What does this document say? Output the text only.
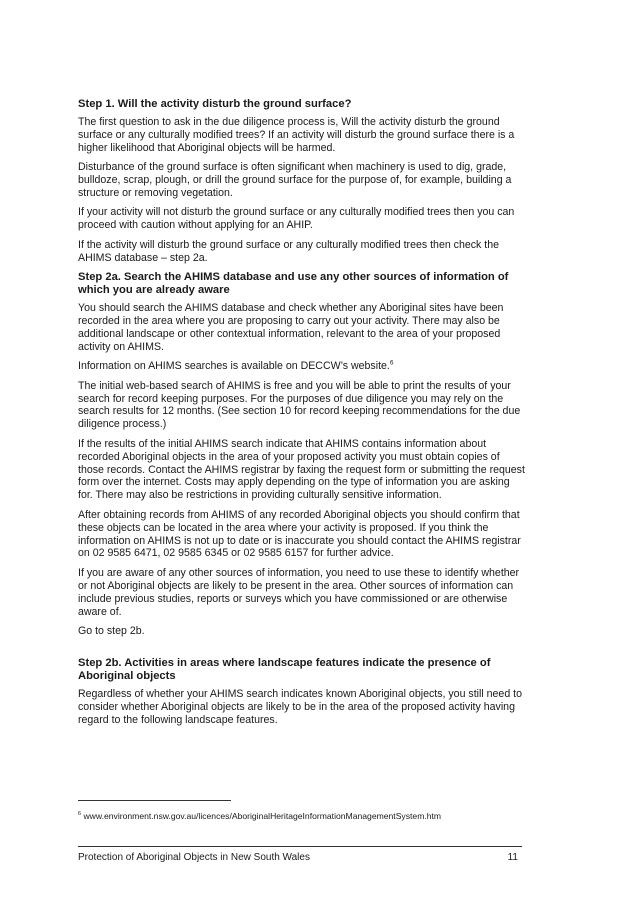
Step 1. Will the activity disturb the ground surface?

The first question to ask in the due diligence process is, Will the activity disturb the ground surface or any culturally modified trees? If an activity will disturb the ground surface there is a higher likelihood that Aboriginal objects will be harmed.

Disturbance of the ground surface is often significant when machinery is used to dig, grade, bulldoze, scrap, plough, or drill the ground surface for the purpose of, for example, building a structure or removing vegetation.

If your activity will not disturb the ground surface or any culturally modified trees then you can proceed with caution without applying for an AHIP.

If the activity will disturb the ground surface or any culturally modified trees then check the AHIMS database – step 2a.

Step 2a. Search the AHIMS database and use any other sources of information of which you are already aware

You should search the AHIMS database and check whether any Aboriginal sites have been recorded in the area where you are proposing to carry out your activity. There may also be additional landscape or other contextual information, relevant to the area of your proposed activity on AHIMS.

Information on AHIMS searches is available on DECCW’s website.$^6$

The initial web-based search of AHIMS is free and you will be able to print the results of your search for record keeping purposes. For the purposes of due diligence you may rely on the search results for 12 months. (See section 10 for record keeping recommendations for the due diligence process.)

If the results of the initial AHIMS search indicate that AHIMS contains information about recorded Aboriginal objects in the area of your proposed activity you must obtain copies of those records. Contact the AHIMS registrar by faxing the request form or submitting the request form over the internet. Costs may apply depending on the type of information you are asking for. There may also be restrictions in providing culturally sensitive information.

After obtaining records from AHIMS of any recorded Aboriginal objects you should confirm that these objects can be located in the area where your activity is proposed. If you think the information on AHIMS is not up to date or is inaccurate you should contact the AHIMS registrar on 02 9585 6471, 02 9585 6345 or 02 9585 6157 for further advice.

If you are aware of any other sources of information, you need to use these to identify whether or not Aboriginal objects are likely to be present in the area. Other sources of information can include previous studies, reports or surveys which you have commissioned or are otherwise aware of.

Go to step 2b.

Step 2b. Activities in areas where landscape features indicate the presence of Aboriginal objects

Regardless of whether your AHIMS search indicates known Aboriginal objects, you still need to consider whether Aboriginal objects are likely to be in the area of the proposed activity having regard to the following landscape features.

$^6$ www.environment.nsw.gov.au/licences/AboriginalHeritageInformationManagementSystem.htm
Protection of Aboriginal Objects in New South Wales	11
